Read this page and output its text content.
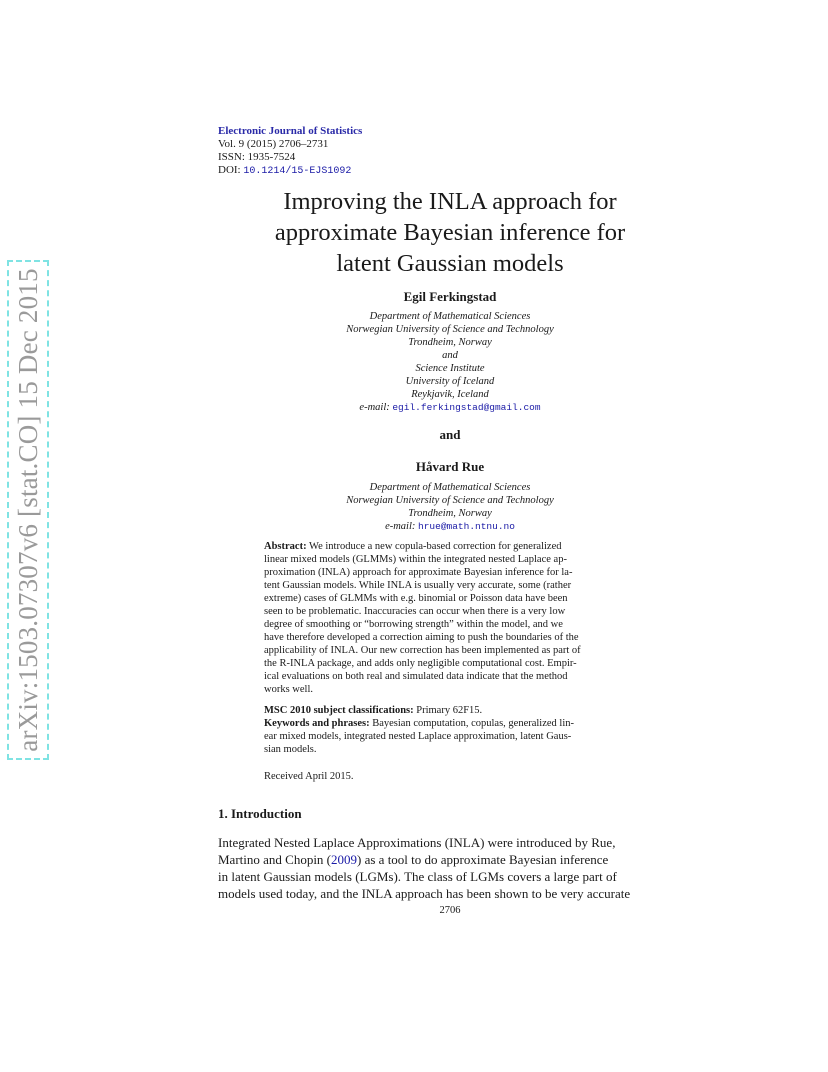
arXiv:1503.07307v6 [stat.CO] 15 Dec 2015
Electronic Journal of Statistics
Vol. 9 (2015) 2706–2731
ISSN: 1935-7524
DOI: 10.1214/15-EJS1092
Improving the INLA approach for
approximate Bayesian inference for
latent Gaussian models
Egil Ferkingstad
Department of Mathematical Sciences
Norwegian University of Science and Technology
Trondheim, Norway
and
Science Institute
University of Iceland
Reykjavik, Iceland
e-mail: egil.ferkingstad@gmail.com
and
Håvard Rue
Department of Mathematical Sciences
Norwegian University of Science and Technology
Trondheim, Norway
e-mail: hrue@math.ntnu.no
Abstract: We introduce a new copula-based correction for generalized
linear mixed models (GLMMs) within the integrated nested Laplace ap-
proximation (INLA) approach for approximate Bayesian inference for la-
tent Gaussian models. While INLA is usually very accurate, some (rather
extreme) cases of GLMMs with e.g. binomial or Poisson data have been
seen to be problematic. Inaccuracies can occur when there is a very low
degree of smoothing or “borrowing strength” within the model, and we
have therefore developed a correction aiming to push the boundaries of the
applicability of INLA. Our new correction has been implemented as part of
the R-INLA package, and adds only negligible computational cost. Empir-
ical evaluations on both real and simulated data indicate that the method
works well.
MSC 2010 subject classifications: Primary 62F15.
Keywords and phrases: Bayesian computation, copulas, generalized lin-
ear mixed models, integrated nested Laplace approximation, latent Gaus-
sian models.
Received April 2015.
1. Introduction
Integrated Nested Laplace Approximations (INLA) were introduced by Rue,
Martino and Chopin (2009) as a tool to do approximate Bayesian inference
in latent Gaussian models (LGMs). The class of LGMs covers a large part of
models used today, and the INLA approach has been shown to be very accurate
2706
